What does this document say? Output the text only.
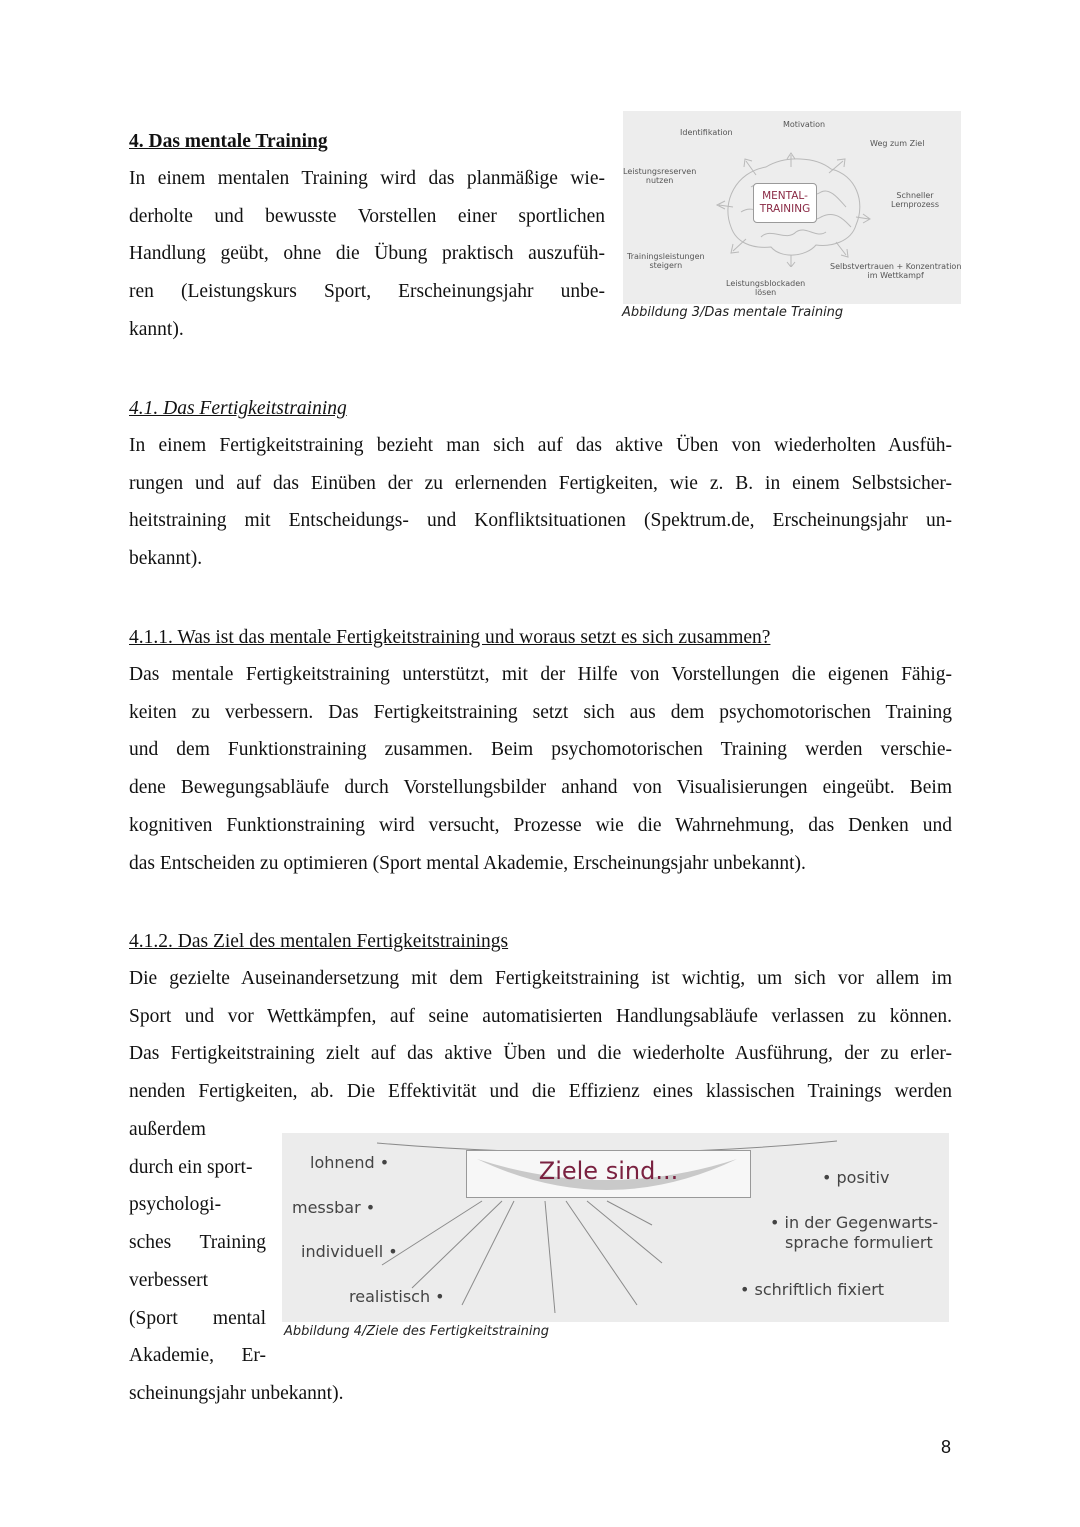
4. Das mentale Training
In einem mentalen Training wird das planmäßige wie-
derholte und bewusste Vorstellen einer sportlichen
Handlung geübt, ohne die Übung praktisch auszufüh-
ren (Leistungskurs Sport, Erscheinungsjahr unbe-
kannt).
MENTAL-
TRAINING
Identifikation
Motivation
Weg zum Ziel
Leistungsreserven
nutzen
Schneller
Lernprozess
Trainingsleistungen
steigern	Selbstvertrauen + Konzentration
im Wettkampf
Leistungsblockaden
lösen
Abbildung 3/Das mentale Training
4.1. Das Fertigkeitstraining
In einem Fertigkeitstraining bezieht man sich auf das aktive Üben von wiederholten Ausfüh-
rungen und auf das Einüben der zu erlernenden Fertigkeiten, wie z. B. in einem Selbstsicher-
heitstraining mit Entscheidungs- und Konfliktsituationen (Spektrum.de, Erscheinungsjahr un-
bekannt).
4.1.1. Was ist das mentale Fertigkeitstraining und woraus setzt es sich zusammen?
Das mentale Fertigkeitstraining unterstützt, mit der Hilfe von Vorstellungen die eigenen Fähig-
keiten zu verbessern. Das Fertigkeitstraining setzt sich aus dem psychomotorischen Training
und dem Funktionstraining zusammen. Beim psychomotorischen Training werden verschie-
dene Bewegungsabläufe durch Vorstellungsbilder anhand von Visualisierungen eingeübt. Beim
kognitiven Funktionstraining wird versucht, Prozesse wie die Wahrnehmung, das Denken und
das Entscheiden zu optimieren (Sport mental Akademie, Erscheinungsjahr unbekannt).
4.1.2. Das Ziel des mentalen Fertigkeitstrainings
Die gezielte Auseinandersetzung mit dem Fertigkeitstraining ist wichtig, um sich vor allem im
Sport und vor Wettkämpfen, auf seine automatisierten Handlungsabläufe verlassen zu können.
Das Fertigkeitstraining zielt auf das aktive Üben und die wiederholte Ausführung, der zu erler-
nenden Fertigkeiten, ab. Die Effektivität und die Effizienz eines klassischen Trainings werden
außerdem
durch ein sport-
psychologi-
sches Training
verbessert
(Sport mental
Akademie, Er-
scheinungsjahr unbekannt).
Ziele sind...
lohnend •
messbar •
individuell •
realistisch •
• positiv
• in der Gegenwarts-
sprache formuliert
• schriftlich fixiert
Abbildung 4/Ziele des Fertigkeitstraining
8
